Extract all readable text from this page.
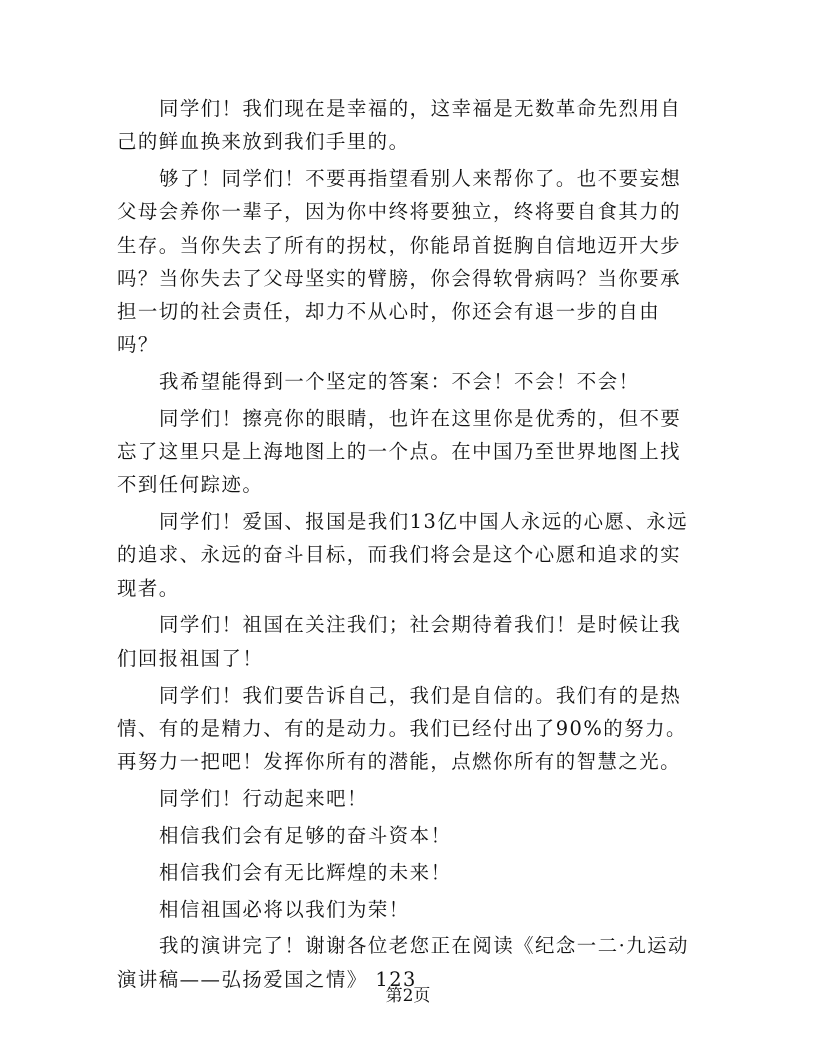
同学们！我们现在是幸福的，这幸福是无数革命先烈用自己的鲜血换来放到我们手里的。

够了！同学们！不要再指望看别人来帮你了。也不要妄想父母会养你一辈子，因为你中终将要独立，终将要自食其力的生存。当你失去了所有的拐杖，你能昂首挺胸自信地迈开大步吗？当你失去了父母坚实的臂膀，你会得软骨病吗？当你要承担一切的社会责任，却力不从心时，你还会有退一步的自由吗？

我希望能得到一个坚定的答案：不会！不会！不会！

同学们！擦亮你的眼睛，也许在这里你是优秀的，但不要忘了这里只是上海地图上的一个点。在中国乃至世界地图上找不到任何踪迹。

同学们！爱国、报国是我们13亿中国人永远的心愿、永远的追求、永远的奋斗目标，而我们将会是这个心愿和追求的实现者。

同学们！祖国在关注我们；社会期待着我们！是时候让我们回报祖国了！

同学们！我们要告诉自己，我们是自信的。我们有的是热情、有的是精力、有的是动力。我们已经付出了90%的努力。再努力一把吧！发挥你所有的潜能，点燃你所有的智慧之光。

同学们！行动起来吧！

相信我们会有足够的奋斗资本！

相信我们会有无比辉煌的未来！

相信祖国必将以我们为荣！

我的演讲完了！谢谢各位老您正在阅读《纪念一二·九运动演讲稿——弘扬爱国之情》 123

第2页
